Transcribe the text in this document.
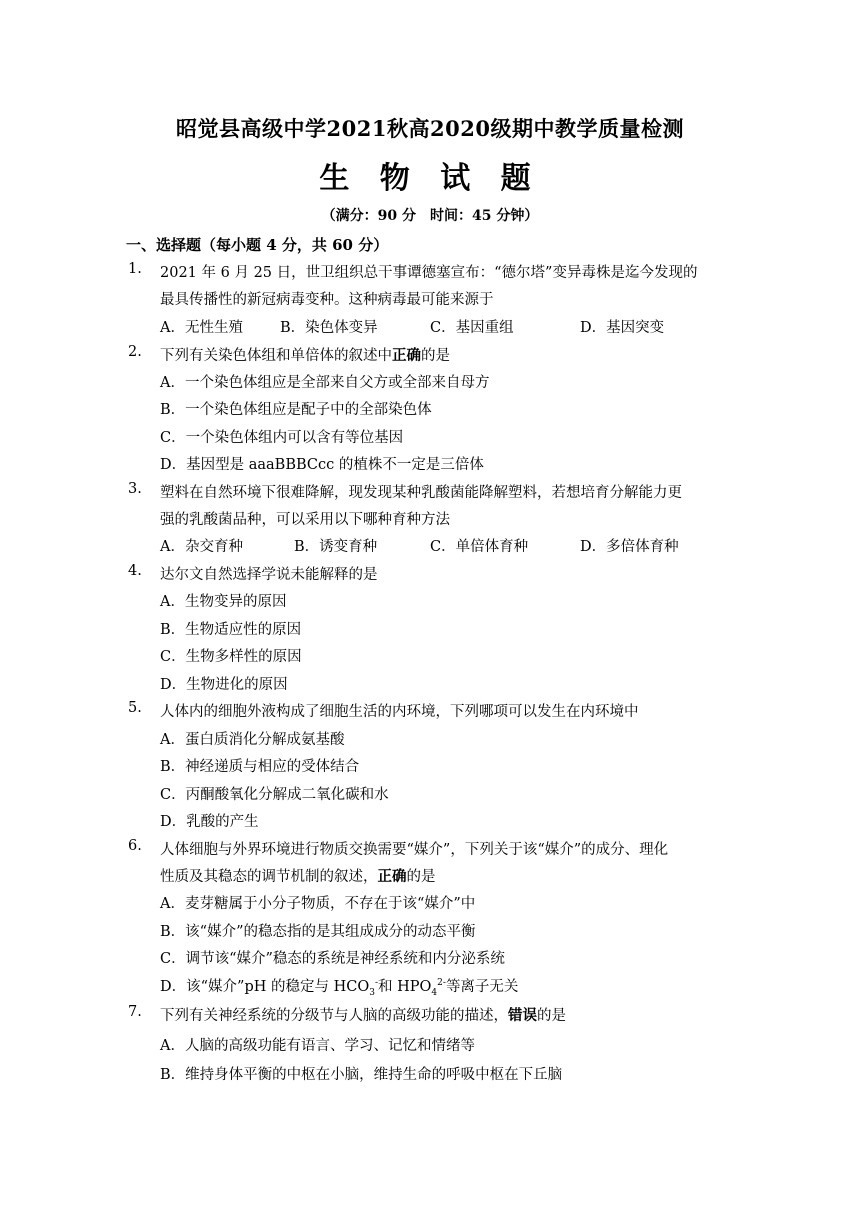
昭觉县高级中学2021秋高2020级期中教学质量检测
生 物 试 题
（满分：90 分　时间：45 分钟）
一、选择题（每小题 4 分，共 60 分）
1. 2021 年 6 月 25 日，世卫组织总干事谭德塞宣布：“德尔塔”变异毒株是迄今发现的
最具传播性的新冠病毒变种。这种病毒最可能来源于
A．无性生殖	B．染色体变异	C．基因重组	D．基因突变
2. 下列有关染色体组和单倍体的叙述中正确的是
A．一个染色体组应是全部来自父方或全部来自母方
B．一个染色体组应是配子中的全部染色体
C．一个染色体组内可以含有等位基因
D．基因型是 aaaBBBCcc 的植株不一定是三倍体
3. 塑料在自然环境下很难降解，现发现某种乳酸菌能降解塑料，若想培育分解能力更
强的乳酸菌品种，可以采用以下哪种育种方法
A．杂交育种	B．诱变育种	C．单倍体育种	D．多倍体育种
4. 达尔文自然选择学说未能解释的是
A．生物变异的原因
B．生物适应性的原因
C．生物多样性的原因
D．生物进化的原因
5. 人体内的细胞外液构成了细胞生活的内环境，下列哪项可以发生在内环境中
A．蛋白质消化分解成氨基酸
B．神经递质与相应的受体结合
C．丙酮酸氧化分解成二氧化碳和水
D．乳酸的产生
6. 人体细胞与外界环境进行物质交换需要“媒介”，下列关于该“媒介”的成分、理化
性质及其稳态的调节机制的叙述，正确的是
A．麦芽糖属于小分子物质，不存在于该“媒介”中
B．该“媒介”的稳态指的是其组成成分的动态平衡
C．调节该“媒介”稳态的系统是神经系统和内分泌系统
D．该“媒介”pH 的稳定与 $HCO_3^-$和 $HPO_4^{2-}$等离子无关
7. 下列有关神经系统的分级节与人脑的高级功能的描述，错误的是
A．人脑的高级功能有语言、学习、记忆和情绪等
B．维持身体平衡的中枢在小脑，维持生命的呼吸中枢在下丘脑
